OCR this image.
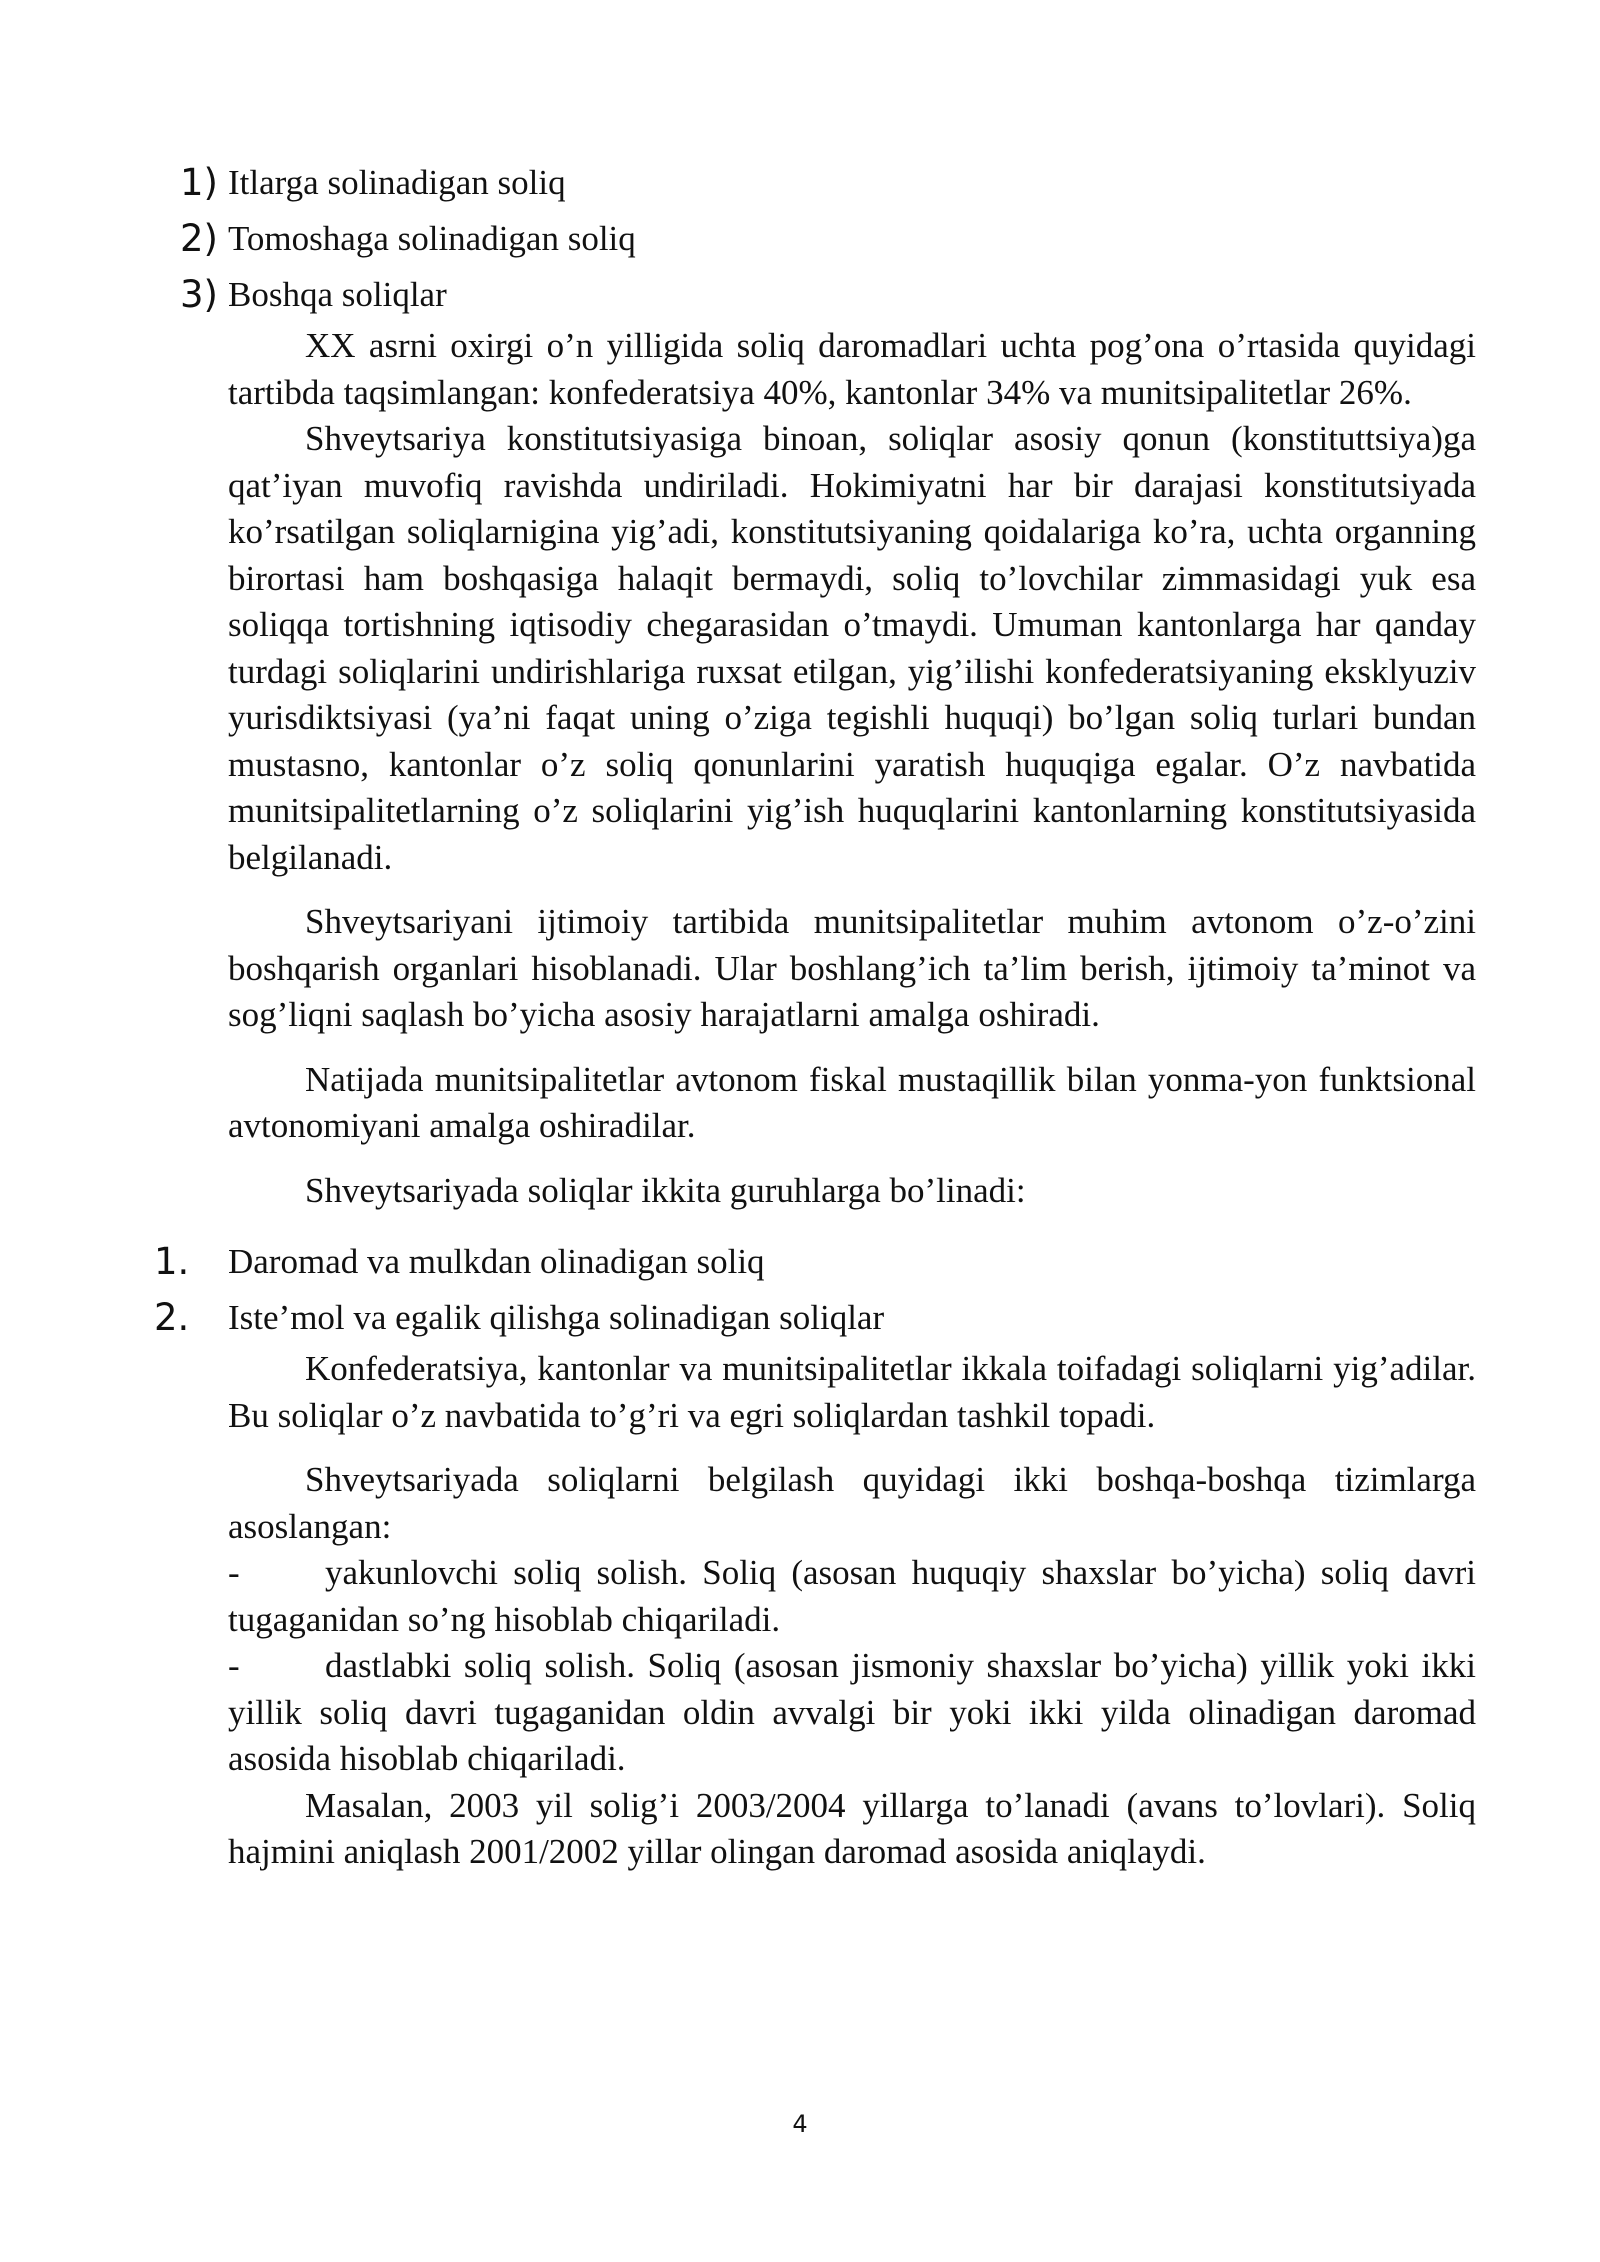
1) Itlarga solinadigan soliq
2) Tomoshaga solinadigan soliq
3) Boshqa soliqlar

XX asrni oxirgi o’n yilligida soliq daromadlari uchta pog’ona o’rtasida quyidagi tartibda taqsimlangan: konfederatsiya 40%, kantonlar 34% va munitsipalitetlar 26%.

Shveytsariya konstitutsiyasiga binoan, soliqlar asosiy qonun (konstituttsiya)ga qat’iyan muvofiq ravishda undiriladi. Hokimiyatni har bir darajasi konstitutsiyada ko’rsatilgan soliqlarnigina yig’adi, konstitutsiyaning qoidalariga ko’ra, uchta organning birortasi ham boshqasiga halaqit bermaydi, soliq to’lovchilar zimmasidagi yuk esa soliqqa tortishning iqtisodiy chegarasidan o’tmaydi. Umuman kantonlarga har qanday turdagi soliqlarini undirishlariga ruxsat etilgan, yig’ilishi konfederatsiyaning eksklyuziv yurisdiktsiyasi (ya’ni faqat uning o’ziga tegishli huquqi) bo’lgan soliq turlari bundan mustasno, kantonlar o’z soliq qonunlarini yaratish huquqiga egalar. O’z navbatida munitsipalitetlarning o’z soliqlarini yig’ish huquqlarini kantonlarning konstitutsiyasida belgilanadi.

Shveytsariyani ijtimoiy tartibida munitsipalitetlar muhim avtonom o’z-o’zini boshqarish organlari hisoblanadi. Ular boshlang’ich ta’lim berish, ijtimoiy ta’minot va sog’liqni saqlash bo’yicha asosiy harajatlarni amalga oshiradi.

Natijada munitsipalitetlar avtonom fiskal mustaqillik bilan yonma-yon funktsional avtonomiyani amalga oshiradilar.

Shveytsariyada soliqlar ikkita guruhlarga bo’linadi:

1. Daromad va mulkdan olinadigan soliq
2. Iste’mol va egalik qilishga solinadigan soliqlar

Konfederatsiya, kantonlar va munitsipalitetlar ikkala toifadagi soliqlarni yig’adilar. Bu soliqlar o’z navbatida to’g’ri va egri soliqlardan tashkil topadi.

Shveytsariyada soliqlarni belgilash quyidagi ikki boshqa-boshqa tizimlarga asoslangan:

- yakunlovchi soliq solish. Soliq (asosan huquqiy shaxslar bo’yicha) soliq davri tugaganidan so’ng hisoblab chiqariladi.

- dastlabki soliq solish. Soliq (asosan jismoniy shaxslar bo’yicha) yillik yoki ikki yillik soliq davri tugaganidan oldin avvalgi bir yoki ikki yilda olinadigan daromad asosida hisoblab chiqariladi.

Masalan, 2003 yil solig’i 2003/2004 yillarga to’lanadi (avans to’lovlari). Soliq hajmini aniqlash 2001/2002 yillar olingan daromad asosida aniqlaydi.

4
